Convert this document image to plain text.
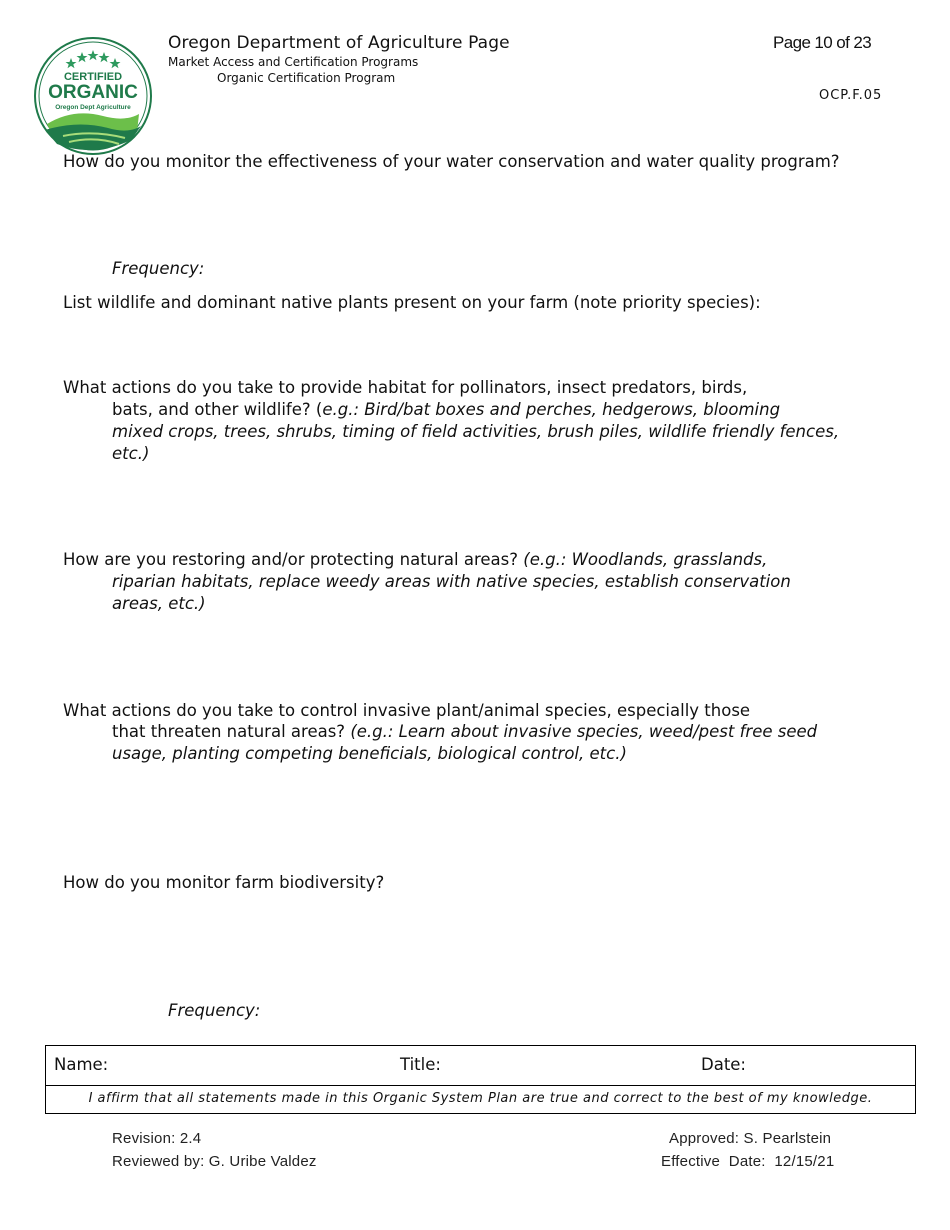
CERTIFIED
ORGANIC
Oregon Dept Agriculture
Oregon Department of Agriculture Page
Market Access and Certification Programs
Organic Certification Program
Page 10 of 23
OCP.F.05
How do you monitor the effectiveness of your water conservation and water quality program?
Frequency:
List wildlife and dominant native plants present on your farm (note priority species):
What actions do you take to provide habitat for pollinators, insect predators, birds,
bats, and other wildlife? (e.g.: Bird/bat boxes and perches, hedgerows, blooming
mixed crops, trees, shrubs, timing of field activities, brush piles, wildlife friendly fences,
etc.)
How are you restoring and/or protecting natural areas? (e.g.: Woodlands, grasslands,
riparian habitats, replace weedy areas with native species, establish conservation
areas, etc.)
What actions do you take to control invasive plant/animal species, especially those
that threaten natural areas? (e.g.: Learn about invasive species, weed/pest free seed
usage, planting competing beneficials, biological control, etc.)
How do you monitor farm biodiversity?
Frequency:
Name:	Title:	Date:
I affirm that all statements made in this Organic System Plan are true and correct to the best of my knowledge.
Revision: 2.4
Reviewed by: G. Uribe Valdez
Approved: S. Pearlstein
Effective  Date:  12/15/21
